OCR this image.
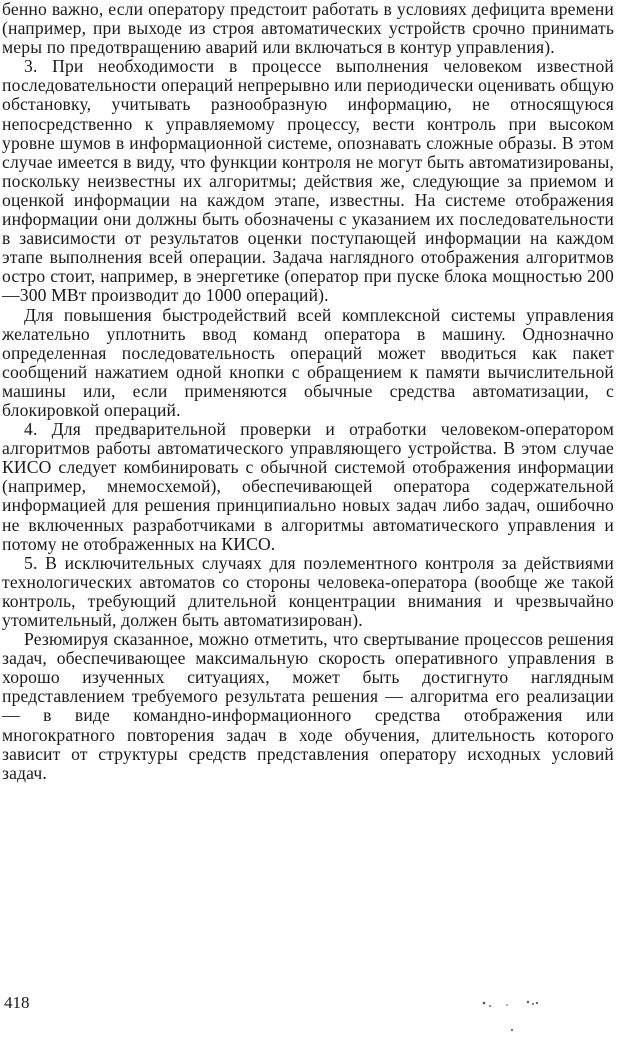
бенно важно, если оператору предстоит работать в условиях дефицита времени (например, при выходе из строя автоматических устройств срочно принимать меры по предотвращению аварий или включаться в контур управления).

3. При необходимости в процессе выполнения человеком известной последовательности операций непрерывно или периодически оценивать общую обстановку, учитывать разнообразную информацию, не относящуюся непосредственно к управляемому процессу, вести контроль при высоком уровне шумов в информационной системе, опознавать сложные образы. В этом случае имеется в виду, что функции контроля не могут быть автоматизированы, поскольку неизвестны их алгоритмы; действия же, следующие за приемом и оценкой информации на каждом этапе, известны. На системе отображения информации они должны быть обозначены с указанием их последовательности в зависимости от результатов оценки поступающей информации на каждом этапе выполнения всей операции. Задача наглядного отображения алгоритмов остро стоит, например, в энергетике (оператор при пуске блока мощностью 200—300 МВт производит до 1000 операций).

Для повышения быстродействий всей комплексной системы управления желательно уплотнить ввод команд оператора в машину. Однозначно определенная последовательность операций может вводиться как пакет сообщений нажатием одной кнопки с обращением к памяти вычислительной машины или, если применяются обычные средства автоматизации, с блокировкой операций.

4. Для предварительной проверки и отработки человеком-оператором алгоритмов работы автоматического управляющего устройства. В этом случае КИСО следует комбинировать с обычной системой отображения информации (например, мнемосхемой), обеспечивающей оператора содержательной информацией для решения принципиально новых задач либо задач, ошибочно не включенных разработчиками в алгоритмы автоматического управления и потому не отображенных на КИСО.

5. В исключительных случаях для поэлементного контроля за действиями технологических автоматов со стороны человека-оператора (вообще же такой контроль, требующий длительной концентрации внимания и чрезвычайно утомительный, должен быть автоматизирован).

Резюмируя сказанное, можно отметить, что свертывание процессов решения задач, обеспечивающее максимальную скорость оперативного управления в хорошо изученных ситуациях, может быть достигнуто наглядным представлением требуемого результата решения — алгоритма его реализации — в виде командно-информационного средства отображения или многократного повторения задач в ходе обучения, длительность которого зависит от структуры средств представления оператору исходных условий задач.

418
